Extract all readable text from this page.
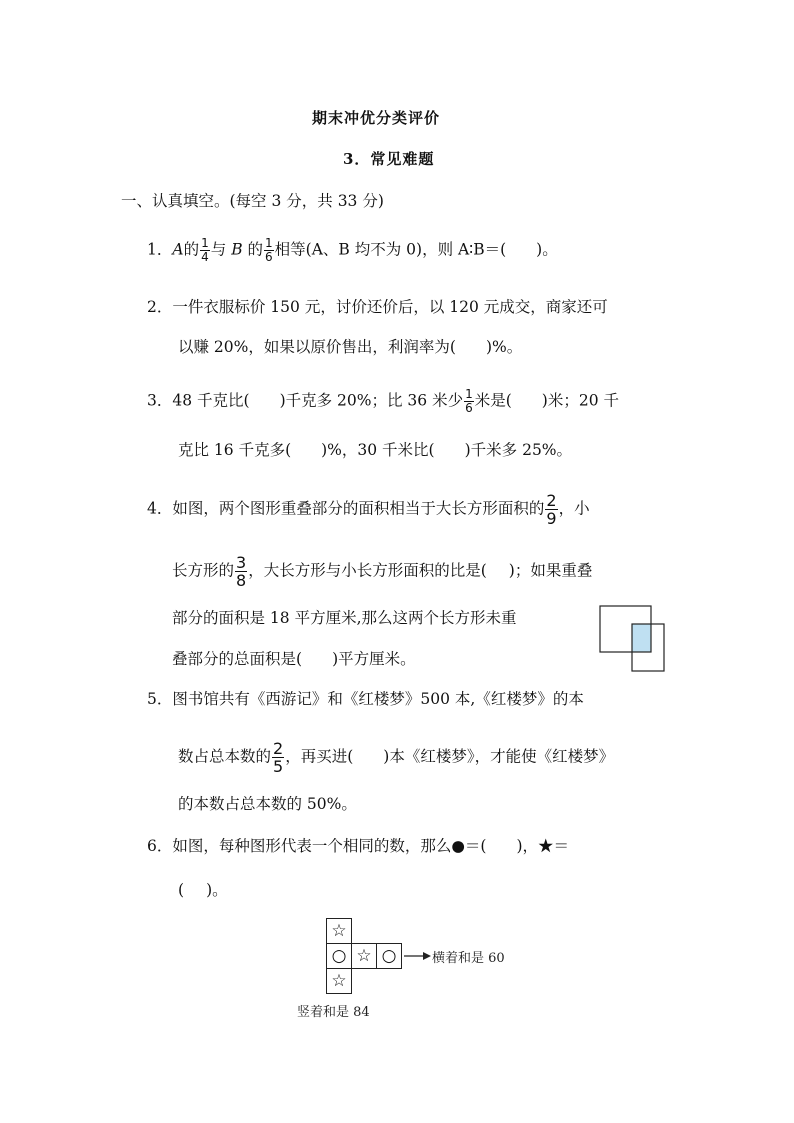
期末冲优分类评价
3．常见难题
一、认真填空。(每空 3 分，共 33 分)
1．A的 $\frac{1}{4}$ 与 B 的 $\frac{1}{6}$ 相等(A、B 均不为 0)，则 A∶B＝( )。
2．一件衣服标价 150 元，讨价还价后，以 120 元成交，商家还可
以赚 20%，如果以原价售出，利润率为( )%。
3．48 千克比( )千克多 20%；比 36 米少 $\frac{1}{6}$ 米是( )米；20 千
克比 16 千克多( )%，30 千米比( )千米多 25%。
4．如图，两个图形重叠部分的面积相当于大长方形面积的 $\frac{2}{9}$ ，小
长方形的 $\frac{3}{8}$ ，大长方形与小长方形面积的比是( )；如果重叠
部分的面积是 18 平方厘米,那么这两个长方形未重
叠部分的总面积是( )平方厘米。
5．图书馆共有《西游记》和《红楼梦》500 本,《红楼梦》的本
数占总本数的 $\frac{2}{5}$ ，再买进( )本《红楼梦》，才能使《红楼梦》
的本数占总本数的 50%。
6．如图，每种图形代表一个相同的数，那么●＝( )，★＝
( )。
☆
○ ☆ ○
☆
横着和是 60
竖着和是 84
